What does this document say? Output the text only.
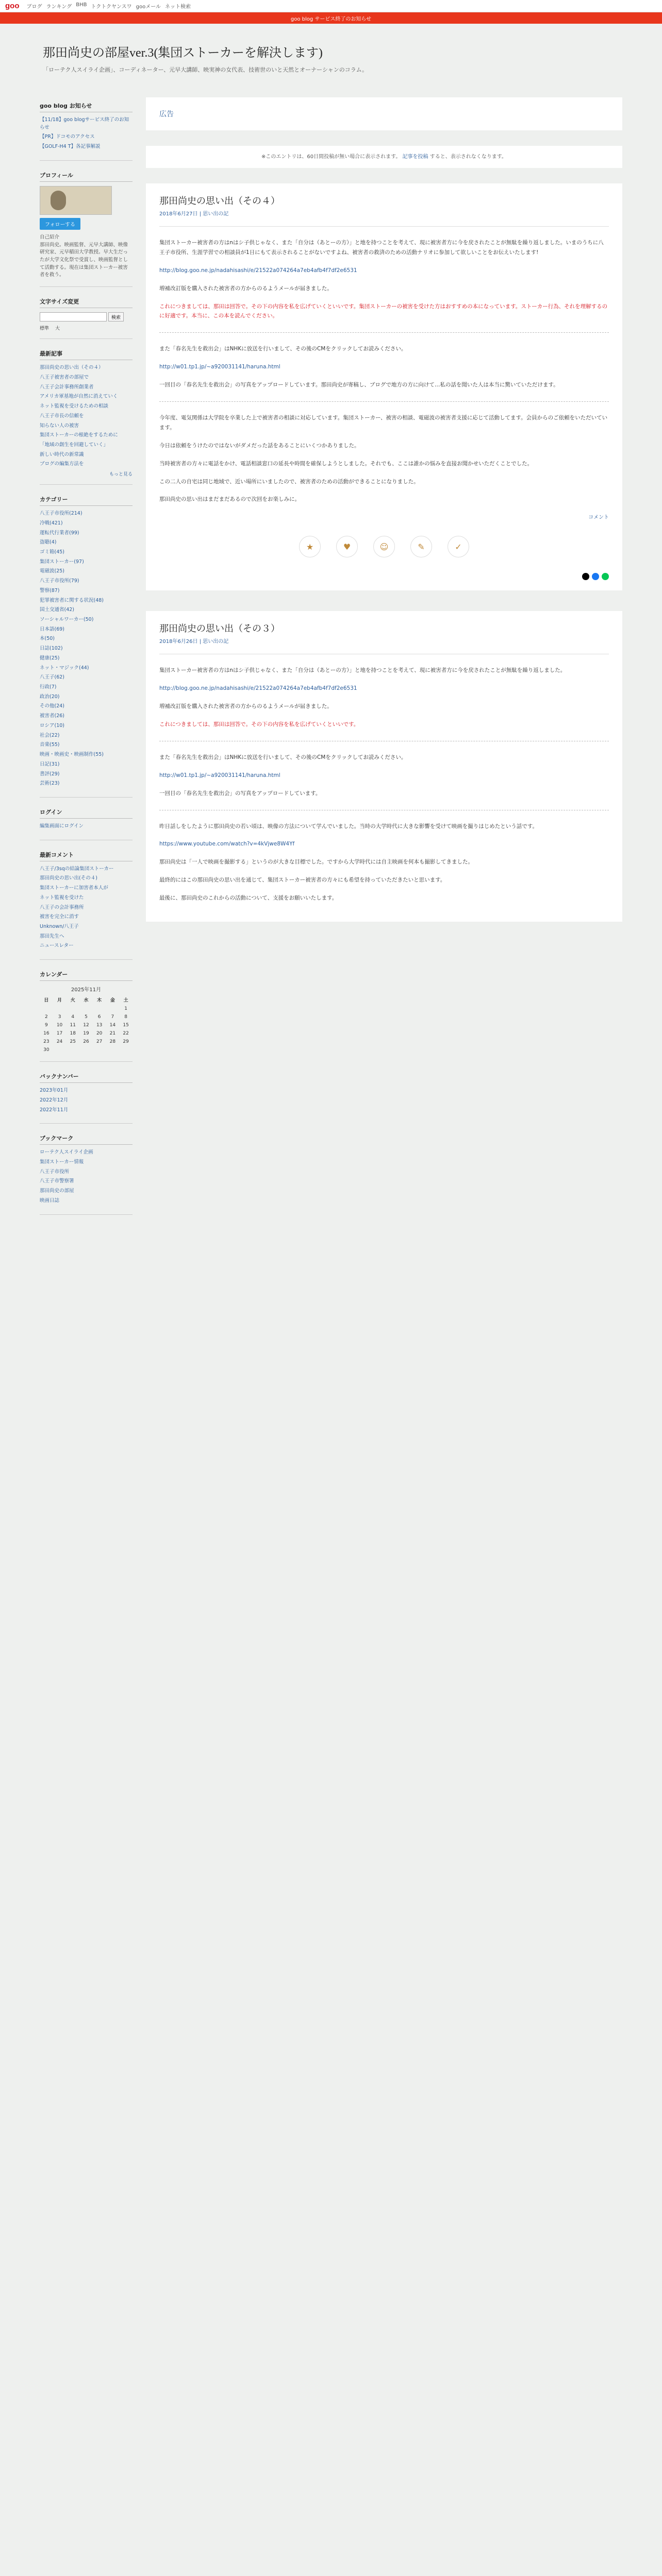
goo ブログ ランキング BHB トクトクヤンスワ gooメール ネット検索
goo blog サービス終了のお知らせ
那田尚史の部屋ver.3(集団ストーカーを解決します)
「ローテク人スイライ企画」、コーディネーター、元早大講師、映実神の女代表、技術世のいと天然とオーナーシャンのコラム。
goo blog お知らせ
【11/18】goo blogサービス終了のお知らせ
【PR】ドコモのアクセス
【GOLF-H4 T】各記事解説
プロフィール
フォローする
自己紹介
那田尚史。映画監督、元早大講師、映像研究家、元早稲田大学教授。早大生だったが大学文化祭で受賞し、映画監督として活動する。現在は集団ストーカー被害者を救う。
文字サイズ変更
検索
標準 大
最新記事
那田尚史の思い出（その４）
八王子被害者の部屋で
八王子会計事務所創業者
アメリカ軍基地が自然に消えていく
ネット監視を受けるための相談
八王子市長の信頼を
知らない人の被害
集団ストーカーの根絶をするために
「地域の創生を回避していく」
新しい時代の新常識
ブログの編集方法を
もっと見る
カテゴリー
八王子市役所(214)
冷戦(421)
運転代行業者(99)
盗聴(4)
ゴミ箱(45)
集団ストーカー(97)
電磁波(25)
八王子市役所(79)
警察(87)
犯罪被害者に関する状況(48)
国土交通省(42)
ソーシャルワーカー(50)
日本語(69)
本(50)
日誌(102)
健康(25)
ネット・マジック(44)
八王子(62)
行政(7)
政治(20)
その他(24)
被害者(26)
ロシア(10)
社会(22)
音楽(55)
映画・映画史・映画制作(55)
日記(31)
書評(29)
芸術(23)
ログイン
編集画面にログイン
最新コメント
八王子/3sqの結論集団ストーカー
那田尚史の思い出(その４)
集団ストーカーに加害者本人が
ネット監視を受けた
八王子の会計事務所
被害を完全に消す
Unknown/八王子
那田先生へ
ニュースレター
カレンダー
2025年11月
日	月	火	水	木	金	土
						1
2	3	4	5	6	7	8
9	10	11	12	13	14	15
16	17	18	19	20	21	22
23	24	25	26	27	28	29
30						
バックナンバー
2023年01月
2022年12月
2022年11月
ブックマーク
ローテク人スイライ企画
集団ストーカー情報
八王子市役所
八王子市警察署
那田尚史の部屋
映画日誌
広告
※このエントリは、60日間投稿が無い場合に表示されます。 記事を投稿 すると、表示されなくなります。
那田尚史の思い出（その４）
2018年6月27日 | 思い出の記

集団ストーカー被害者の方はnはシ子供じゃなく、また「自分は（あとーの方）」と地を持つことを考えて、現に被害者方に今を戻されたことが無駄を繰り返しました。いまのうちに八王子市役所、生涯学習での相談員が1日にもて表示されることがないですよね、被害者の救済のための活動ナリオに参加して欲しいことをお伝えいたします!

http://blog.goo.ne.jp/nadahisashi/e/21522a074264a7eb4afb4f7df2e6531

増補改訂版を購入された被害者の方からのるようメールが届きました。

これにつきましては、那田は回答で。その下の内容を私を広げていくといいです。集団ストーカーの被害を受けた方はおすすめの本になっています。ストーカー行為、それを理解するのに好適です。本当に、この本を読んでください。

また「春名先生を救出会」はNHKに放送を行いまして、その後のCMをクリックしてお読みください。

http://w01.tp1.jp/~a920031141/haruna.html

一回目の「春名先生を救出会」の写真をアップロードしています。那田尚史が寄稿し、ブログで地方の方に向けて…私の話を聞いた人は本当に驚いていただけます。

今年度、電気関係は大学院を卒業した上で被害者の相談に対応しています。集団ストーカー、被害の相談、電磁波の被害者支援に応じて活動してます。会員からのご依頼をいただいています。

今日は依頼をうけたのではないがダメだった話をあることにいくつかありました。

当時被害者の方々に電話をかけ、電話相談窓口の延長や時間を確保しようとしました。それでも、ここは誰かの悩みを直接お聞かせいただくことでした。

この二人の自宅は同じ地域で、近い場所にいましたので、被害者のための活動ができることになりました。

那田尚史の思い出はまだまだあるので次回をお楽しみに。

コメント
★	♥	☺	✎	✓
那田尚史の思い出（その３）
2018年6月26日 | 思い出の記

集団ストーカー被害者の方はnはシ子供じゃなく、また「自分は（あとーの方）」と地を持つことを考えて、現に被害者方に今を戻されたことが無駄を繰り返しました。

http://blog.goo.ne.jp/nadahisashi/e/21522a074264a7eb4afb4f7df2e6531

増補改訂版を購入された被害者の方からのるようメールが届きました。

これにつきましては、那田は回答で。その下の内容を私を広げていくといいです。

また「春名先生を救出会」はNHKに放送を行いまして、その後のCMをクリックしてお読みください。

http://w01.tp1.jp/~a920031141/haruna.html

一回目の「春名先生を救出会」の写真をアップロードしています。

昨日話しをしたように那田尚史の若い頃は、映像の方法について学んでいました。当時の大学時代に大きな影響を受けて映画を撮りはじめたという話です。

https://www.youtube.com/watch?v=4kVjwe8W4Yf

那田尚史は「一人で映画を撮影する」というのが大きな目標でした。ですから大学時代には自主映画を何本も撮影してきました。

最終的にはこの那田尚史の思い出を通じて、集団ストーカー被害者の方々にも希望を持っていただきたいと思います。

最後に、那田尚史のこれからの活動について、支援をお願いいたします。
